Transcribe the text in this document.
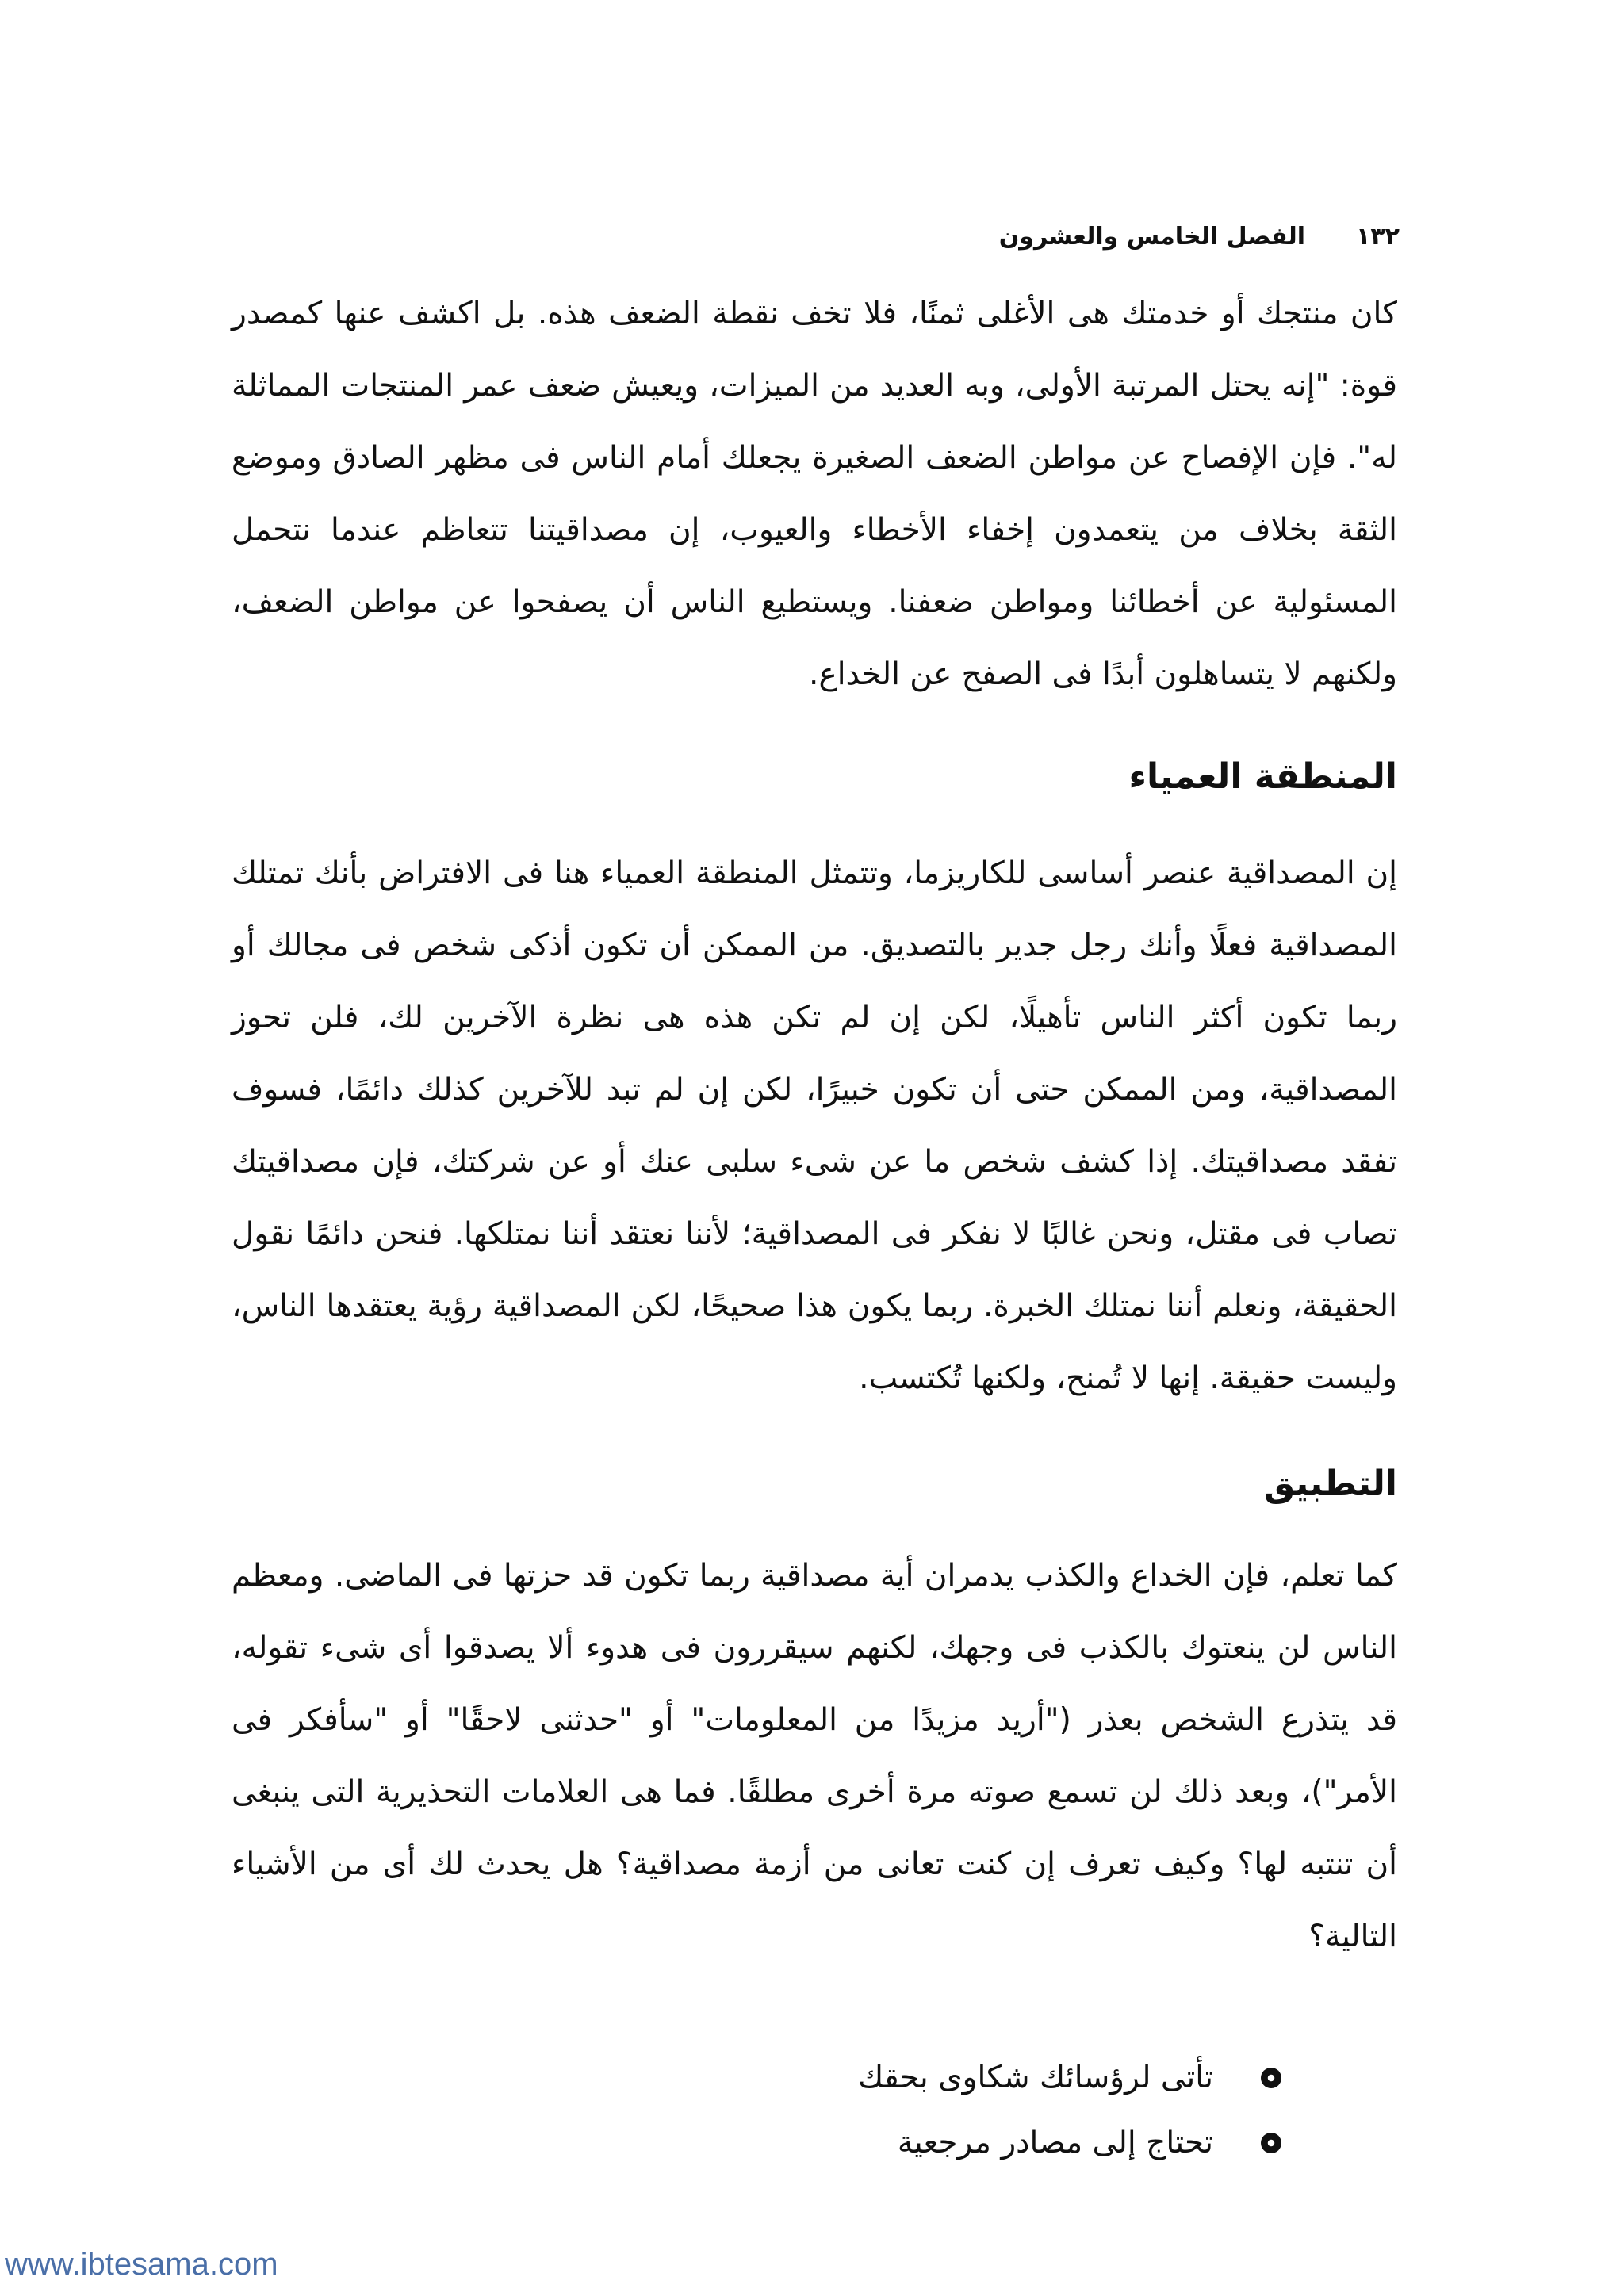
١٣٢
الفصل الخامس والعشرون

كان منتجك أو خدمتك هى الأغلى ثمنًا، فلا تخف نقطة الضعف هذه. بل اكشف عنها كمصدر قوة: "إنه يحتل المرتبة الأولى، وبه العديد من الميزات، ويعيش ضعف عمر المنتجات المماثلة له". فإن الإفصاح عن مواطن الضعف الصغيرة يجعلك أمام الناس فى مظهر الصادق وموضع الثقة بخلاف من يتعمدون إخفاء الأخطاء والعيوب، إن مصداقيتنا تتعاظم عندما نتحمل المسئولية عن أخطائنا ومواطن ضعفنا. ويستطيع الناس أن يصفحوا عن مواطن الضعف، ولكنهم لا يتساهلون أبدًا فى الصفح عن الخداع.

المنطقة العمياء

إن المصداقية عنصر أساسى للكاريزما، وتتمثل المنطقة العمياء هنا فى الافتراض بأنك تمتلك المصداقية فعلًا وأنك رجل جدير بالتصديق. من الممكن أن تكون أذكى شخص فى مجالك أو ربما تكون أكثر الناس تأهيلًا، لكن إن لم تكن هذه هى نظرة الآخرين لك، فلن تحوز المصداقية، ومن الممكن حتى أن تكون خبيرًا، لكن إن لم تبد للآخرين كذلك دائمًا، فسوف تفقد مصداقيتك. إذا كشف شخص ما عن شىء سلبى عنك أو عن شركتك، فإن مصداقيتك تصاب فى مقتل، ونحن غالبًا لا نفكر فى المصداقية؛ لأننا نعتقد أننا نمتلكها. فنحن دائمًا نقول الحقيقة، ونعلم أننا نمتلك الخبرة. ربما يكون هذا صحيحًا، لكن المصداقية رؤية يعتقدها الناس، وليست حقيقة. إنها لا تُمنح، ولكنها تُكتسب.

التطبيق

كما تعلم، فإن الخداع والكذب يدمران أية مصداقية ربما تكون قد حزتها فى الماضى. ومعظم الناس لن ينعتوك بالكذب فى وجهك، لكنهم سيقررون فى هدوء ألا يصدقوا أى شىء تقوله، قد يتذرع الشخص بعذر ("أريد مزيدًا من المعلومات" أو "حدثنى لاحقًا" أو "سأفكر فى الأمر")، وبعد ذلك لن تسمع صوته مرة أخرى مطلقًا. فما هى العلامات التحذيرية التى ينبغى أن تنتبه لها؟ وكيف تعرف إن كنت تعانى من أزمة مصداقية؟ هل يحدث لك أى من الأشياء التالية؟

تأتى لرؤسائك شكاوى بحقك
تحتاج إلى مصادر مرجعية
www.ibtesama.com
